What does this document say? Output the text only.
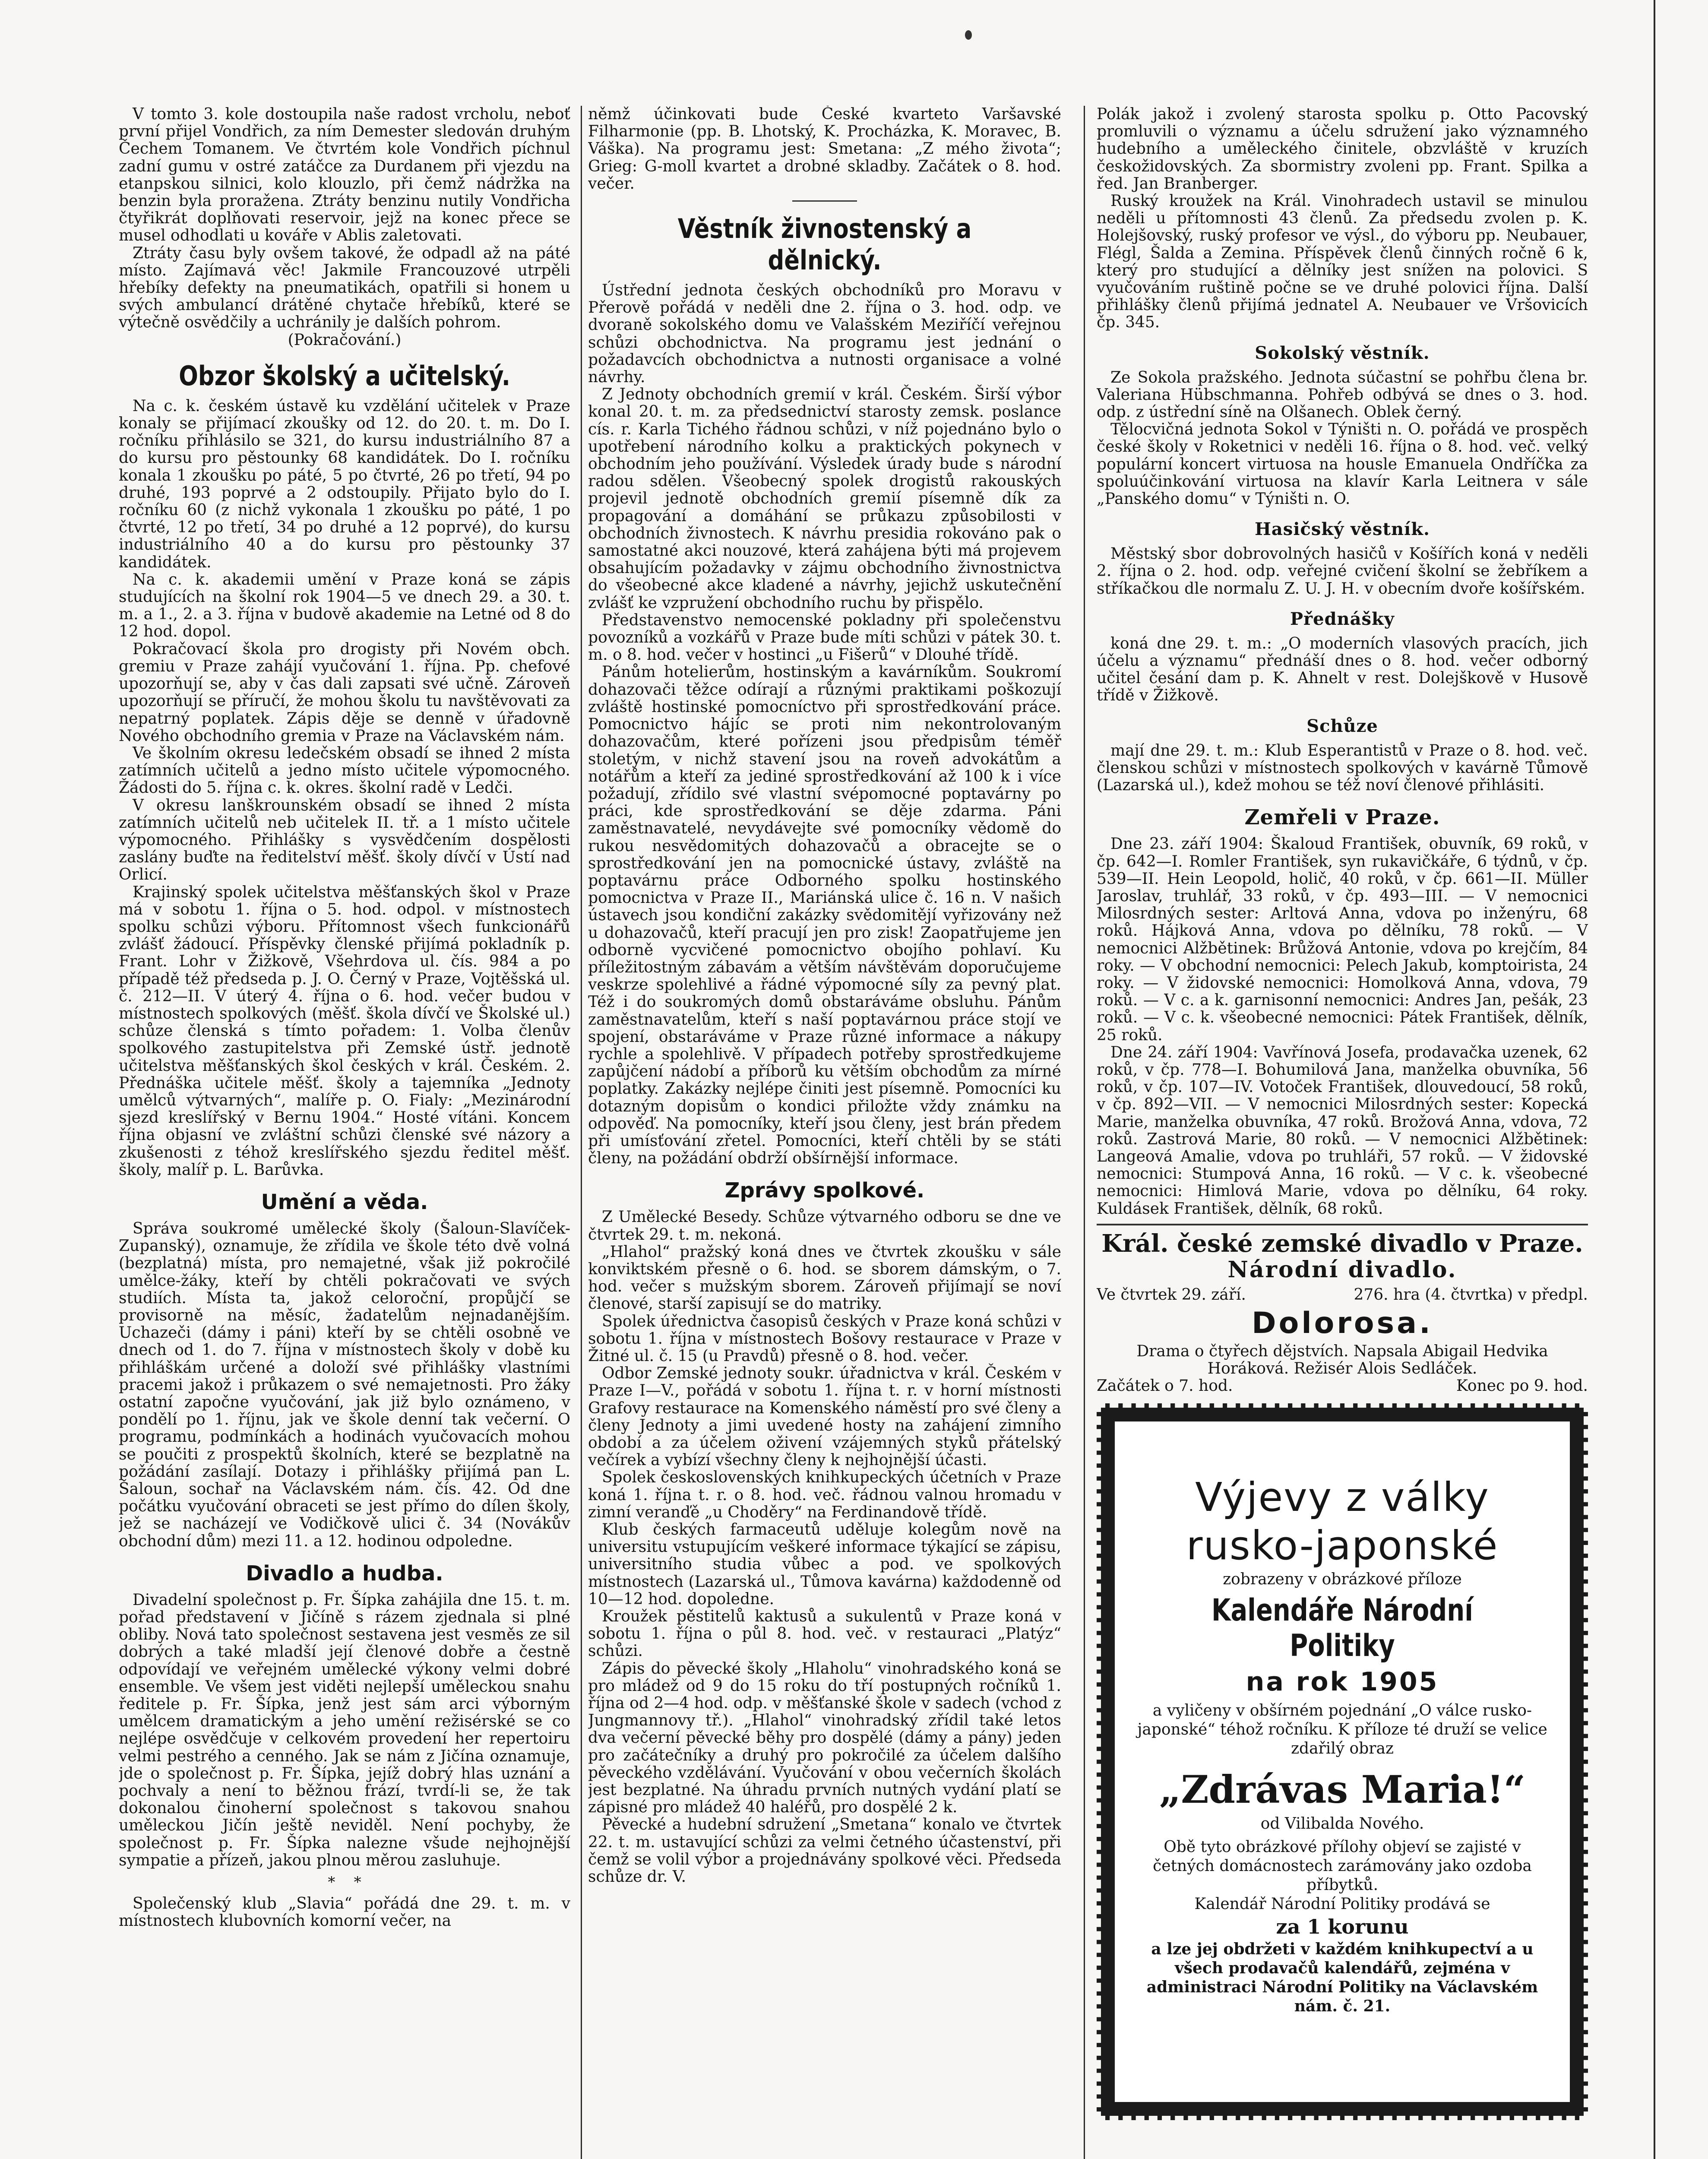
V tomto 3. kole dostoupila naše radost vrcholu, neboť první přijel Vondřich, za ním Demester sledován druhým Čechem Tomanem. Ve čtvrtém kole Vondřich píchnul zadní gumu v ostré zatáčce za Durdanem při vjezdu na etanpskou silnici, kolo klouzlo, při čemž nádržka na benzin byla proražena. Ztráty benzinu nutily Vondřicha čtyřikrát doplňovati reservoir, jejž na konec přece se musel odhodlati u kováře v Ablis zaletovati.

Ztráty času byly ovšem takové, že odpadl až na páté místo. Zajímavá věc! Jakmile Francouzové utrpěli hřebíky defekty na pneumatikách, opatřili si honem u svých ambulancí drátěné chytače hřebíků, které se výtečně osvědčily a uchránily je dalších pohrom.

(Pokračování.)

Obzor školský a učitelský.

Na c. k. českém ústavě ku vzdělání učitelek v Praze konaly se přijímací zkoušky od 12. do 20. t. m. Do I. ročníku přihlásilo se 321, do kursu industriálního 87 a do kursu pro pěstounky 68 kandidátek. Do I. ročníku konala 1 zkoušku po páté, 5 po čtvrté, 26 po třetí, 94 po druhé, 193 poprvé a 2 odstoupily. Přijato bylo do I. ročníku 60 (z nichž vykonala 1 zkoušku po páté, 1 po čtvrté, 12 po třetí, 34 po druhé a 12 poprvé), do kursu industriálního 40 a do kursu pro pěstounky 37 kandidátek.

Na c. k. akademii umění v Praze koná se zápis studujících na školní rok 1904—5 ve dnech 29. a 30. t. m. a 1., 2. a 3. října v budově akademie na Letné od 8 do 12 hod. dopol.

Pokračovací škola pro drogisty při Novém obch. gremiu v Praze zahájí vyučování 1. října. Pp. chefové upozorňují se, aby v čas dali zapsati své učně. Zároveň upozorňují se příručí, že mohou školu tu navštěvovati za nepatrný poplatek. Zápis děje se denně v úřadovně Nového obchodního gremia v Praze na Václavském nám.

Ve školním okresu ledečském obsadí se ihned 2 místa zatímních učitelů a jedno místo učitele výpomocného. Žádosti do 5. října c. k. okres. školní radě v Ledči.

V okresu lanškrounském obsadí se ihned 2 místa zatímních učitelů neb učitelek II. tř. a 1 místo učitele výpomocného. Přihlášky s vysvědčením dospělosti zaslány buďte na ředitelství měšť. školy dívčí v Ústí nad Orlicí.

Krajinský spolek učitelstva měšťanských škol v Praze má v sobotu 1. října o 5. hod. odpol. v místnostech spolku schůzi výboru. Přítomnost všech funkcionářů zvlášť žádoucí. Příspěvky členské přijímá pokladník p. Frant. Lohr v Žižkově, Všehrdova ul. čís. 984 a po případě též předseda p. J. O. Černý v Praze, Vojtěšská ul. č. 212—II. V úterý 4. října o 6. hod. večer budou v místnostech spolkových (měšť. škola dívčí ve Školské ul.) schůze členská s tímto pořadem: 1. Volba členův spolkového zastupitelstva při Zemské ústř. jednotě učitelstva měšťanských škol českých v král. Českém. 2. Přednáška učitele měšť. školy a tajemníka „Jednoty umělců výtvarných“, malíře p. O. Fialy: „Mezinárodní sjezd kreslířský v Bernu 1904.“ Hosté vítáni. Koncem října objasní ve zvláštní schůzi členské své názory a zkušenosti z téhož kreslířského sjezdu ředitel měšť. školy, malíř p. L. Barůvka.

Umění a věda.

Správa soukromé umělecké školy (Šaloun-Slavíček-Zupanský), oznamuje, že zřídila ve škole této dvě volná (bezplatná) místa, pro nemajetné, však již pokročilé umělce-žáky, kteří by chtěli pokračovati ve svých studiích. Místa ta, jakož celoroční, propůjčí se provisorně na měsíc, žadatelům nejnadanějším. Uchazeči (dámy i páni) kteří by se chtěli osobně ve dnech od 1. do 7. října v místnostech školy v době ku přihláškám určené a doloží své přihlášky vlastními pracemi jakož i průkazem o své nemajetnosti. Pro žáky ostatní započne vyučování, jak již bylo oznámeno, v pondělí po 1. říjnu, jak ve škole denní tak večerní. O programu, podmínkách a hodinách vyučovacích mohou se poučiti z prospektů školních, které se bezplatně na požádání zasílají. Dotazy i přihlášky přijímá pan L. Šaloun, sochař na Václavském nám. čís. 42. Od dne počátku vyučování obraceti se jest přímo do dílen školy, jež se nacházejí ve Vodičkově ulici č. 34 (Novákův obchodní dům) mezi 11. a 12. hodinou odpoledne.

Divadlo a hudba.

Divadelní společnost p. Fr. Šípka zahájila dne 15. t. m. pořad představení v Jičíně s rázem zjednala si plné obliby. Nová tato společnost sestavena jest vesměs ze sil dobrých a také mladší její členové dobře a čestně odpovídají ve veřejném umělecké výkony velmi dobré ensemble. Ve všem jest viděti nejlepší uměleckou snahu ředitele p. Fr. Šípka, jenž jest sám arci výborným umělcem dramatickým a jeho umění režisérské se co nejlépe osvědčuje v celkovém provedení her repertoiru velmi pestrého a cenného. Jak se nám z Jičína oznamuje, jde o společnost p. Fr. Šípka, jejíž dobrý hlas uznání a pochvaly a není to běžnou frází, tvrdí-li se, že tak dokonalou činoherní společnost s takovou snahou uměleckou Jičín ještě neviděl. Není pochyby, že společnost p. Fr. Šípka nalezne všude nejhojnější sympatie a přízeň, jakou plnou měrou zasluhuje.

*    *

Společenský klub „Slavia“ pořádá dne 29. t. m. v místnostech klubovních komorní večer, na

němž účinkovati bude České kvarteto Varšavské Filharmonie (pp. B. Lhotský, K. Procházka, K. Moravec, B. Váška). Na programu jest: Smetana: „Z mého života“; Grieg: G-moll kvartet a drobné skladby. Začátek o 8. hod. večer.

Věstník živnostenský a dělnický.

Ústřední jednota českých obchodníků pro Moravu v Přerově pořádá v neděli dne 2. října o 3. hod. odp. ve dvoraně sokolského domu ve Valašském Meziříčí veřejnou schůzi obchodnictva. Na programu jest jednání o požadavcích obchodnictva a nutnosti organisace a volné návrhy.

Z Jednoty obchodních gremií v král. Českém. Širší výbor konal 20. t. m. za předsednictví starosty zemsk. poslance cís. r. Karla Tichého řádnou schůzi, v níž pojednáno bylo o upotřebení národního kolku a praktických pokynech v obchodním jeho používání. Výsledek úrady bude s národní radou sdělen. Všeobecný spolek drogistů rakouských projevil jednotě obchodních gremií písemně dík za propagování a domáhání se průkazu způsobilosti v obchodních živnostech. K návrhu presidia rokováno pak o samostatné akci nouzové, která zahájena býti má projevem obsahujícím požadavky v zájmu obchodního živnostnictva do všeobecné akce kladené a návrhy, jejichž uskutečnění zvlášť ke vzpružení obchodního ruchu by přispělo.

Představenstvo nemocenské pokladny při společenstvu povozníků a vozkářů v Praze bude míti schůzi v pátek 30. t. m. o 8. hod. večer v hostinci „u Fišerů“ v Dlouhé třídě.

Pánům hotelierům, hostinským a kavárníkům. Soukromí dohazovači těžce odírají a různými praktikami poškozují zvláště hostinské pomocníctvo při sprostředkování práce. Pomocnictvo hájíc se proti nim nekontrolovaným dohazovačům, které pořízeni jsou předpisům téměř stoletým, v nichž stavení jsou na roveň advokátům a notářům a kteří za jediné sprostředkování až 100 k i více požadují, zřídilo své vlastní svépomocné poptavárny po práci, kde sprostředkování se děje zdarma. Páni zaměstnavatelé, nevydávejte své pomocníky vědomě do rukou nesvědomitých dohazovačů a obracejte se o sprostředkování jen na pomocnické ústavy, zvláště na poptavárnu práce Odborného spolku hostinského pomocnictva v Praze II., Mariánská ulice č. 16 n. V našich ústavech jsou kondiční zakázky svědomitějí vyřizovány než u dohazovačů, kteří pracují jen pro zisk! Zaopatřujeme jen odborně vycvičené pomocnictvo obojího pohlaví. Ku příležitostným zábavám a větším návštěvám doporučujeme veskrze spolehlivé a řádné výpomocné síly za pevný plat. Též i do soukromých domů obstaráváme obsluhu. Pánům zaměstnavatelům, kteří s naší poptavárnou práce stojí ve spojení, obstaráváme v Praze různé informace a nákupy rychle a spolehlivě. V případech potřeby sprostředkujeme zapůjčení nádobí a příborů ku větším obchodům za mírné poplatky. Zakázky nejlépe činiti jest písemně. Pomocníci ku dotazným dopisům o kondici přiložte vždy známku na odpověď. Na pomocníky, kteří jsou členy, jest brán předem při umísťování zřetel. Pomocníci, kteří chtěli by se státi členy, na požádání obdrží obšírnější informace.

Zprávy spolkové.

Z Umělecké Besedy. Schůze výtvarného odboru se dne ve čtvrtek 29. t. m. nekoná.

„Hlahol“ pražský koná dnes ve čtvrtek zkoušku v sále konviktském přesně o 6. hod. se sborem dámským, o 7. hod. večer s mužským sborem. Zároveň přijímají se noví členové, starší zapisují se do matriky.

Spolek úřednictva časopisů českých v Praze koná schůzi v sobotu 1. října v místnostech Bošovy restaurace v Praze v Žitné ul. č. 15 (u Pravdů) přesně o 8. hod. večer.

Odbor Zemské jednoty soukr. úřadnictva v král. Českém v Praze I—V., pořádá v sobotu 1. října t. r. v horní místnosti Grafovy restaurace na Komenského náměstí pro své členy a členy Jednoty a jimi uvedené hosty na zahájení zimního období a za účelem oživení vzájemných styků přátelský večírek a vybízí všechny členy k nejhojnější účasti.

Spolek československých knihkupeckých účetních v Praze koná 1. října t. r. o 8. hod. več. řádnou valnou hromadu v zimní veranďě „u Choděry“ na Ferdinandově třídě.

Klub českých farmaceutů uděluje kolegům nově na universitu vstupujícím veškeré informace týkající se zápisu, universitního studia vůbec a pod. ve spolkových místnostech (Lazarská ul., Tůmova kavárna) každodenně od 10—12 hod. dopoledne.

Kroužek pěstitelů kaktusů a sukulentů v Praze koná v sobotu 1. října o půl 8. hod. več. v restauraci „Platýz“ schůzi.

Zápis do pěvecké školy „Hlaholu“ vinohradského koná se pro mládež od 9 do 15 roku do tří postupných ročníků 1. října od 2—4 hod. odp. v měšťanské škole v sadech (vchod z Jungmannovy tř.). „Hlahol“ vinohradský zřídil také letos dva večerní pěvecké běhy pro dospělé (dámy a pány) jeden pro začátečníky a druhý pro pokročilé za účelem dalšího pěveckého vzdělávání. Vyučování v obou večerních školách jest bezplatné. Na úhradu prvních nutných vydání platí se zápisné pro mládež 40 haléřů, pro dospělé 2 k.

Pěvecké a hudební sdružení „Smetana“ konalo ve čtvrtek 22. t. m. ustavující schůzi za velmi četného účastenství, při čemž se volil výbor a projednávány spolkové věci. Předseda schůze dr. V.

Polák jakož i zvolený starosta spolku p. Otto Pacovský promluvili o významu a účelu sdružení jako významného hudebního a uměleckého činitele, obzvláště v kruzích českožidovských. Za sbormistry zvoleni pp. Frant. Spilka a řed. Jan Branberger.

Ruský kroužek na Král. Vinohradech ustavil se minulou neděli u přítomnosti 43 členů. Za předsedu zvolen p. K. Holejšovský, ruský profesor ve výsl., do výboru pp. Neubauer, Flégl, Šalda a Zemina. Příspěvek členů činných ročně 6 k, který pro studující a dělníky jest snížen na polovici. S vyučováním ruštině počne se ve druhé polovici října. Další přihlášky členů přijímá jednatel A. Neubauer ve Vršovicích čp. 345.

Sokolský věstník.

Ze Sokola pražského. Jednota súčastní se pohřbu člena br. Valeriana Hübschmanna. Pohřeb odbývá se dnes o 3. hod. odp. z ústřední síně na Olšanech. Oblek černý.

Tělocvičná jednota Sokol v Týništi n. O. pořádá ve prospěch české školy v Roketnici v neděli 16. října o 8. hod. več. velký populární koncert virtuosa na housle Emanuela Ondříčka za spoluúčinkování virtuosa na klavír Karla Leitnera v sále „Panského domu“ v Týništi n. O.

Hasičský věstník.

Městský sbor dobrovolných hasičů v Košířích koná v neděli 2. října o 2. hod. odp. veřejné cvičení školní se žebříkem a stříkačkou dle normalu Z. U. J. H. v obecním dvoře košířském.

Přednášky

koná dne 29. t. m.: „O moderních vlasových pracích, jich účelu a významu“ přednáší dnes o 8. hod. večer odborný učitel česání dam p. K. Ahnelt v rest. Dolejškově v Husově třídě v Žižkově.

Schůze

mají dne 29. t. m.: Klub Esperantistů v Praze o 8. hod. več. členskou schůzi v místnostech spolkových v kavárně Tůmově (Lazarská ul.), kdež mohou se též noví členové přihlásiti.

Zemřeli v Praze.

Dne 23. září 1904: Škaloud František, obuvník, 69 roků, v čp. 642—I. Romler František, syn rukavičkáře, 6 týdnů, v čp. 539—II. Hein Leopold, holič, 40 roků, v čp. 661—II. Müller Jaroslav, truhlář, 33 roků, v čp. 493—III. — V nemocnici Milosrdných sester: Arltová Anna, vdova po inženýru, 68 roků. Hájková Anna, vdova po dělníku, 78 roků. — V nemocnici Alžbětinek: Brůžová Antonie, vdova po krejčím, 84 roky. — V obchodní nemocnici: Pelech Jakub, komptoirista, 24 roky. — V židovské nemocnici: Homolková Anna, vdova, 79 roků. — V c. a k. garnisonní nemocnici: Andres Jan, pešák, 23 roků. — V c. k. všeobecné nemocnici: Pátek František, dělník, 25 roků.

Dne 24. září 1904: Vavřínová Josefa, prodavačka uzenek, 62 roků, v čp. 778—I. Bohumilová Jana, manželka obuvníka, 56 roků, v čp. 107—IV. Votoček František, dlouvedoucí, 58 roků, v čp. 892—VII. — V nemocnici Milosrdných sester: Kopecká Marie, manželka obuvníka, 47 roků. Brožová Anna, vdova, 72 roků. Zastrová Marie, 80 roků. — V nemocnici Alžbětinek: Langeová Amalie, vdova po truhláři, 57 roků. — V židovské nemocnici: Stumpová Anna, 16 roků. — V c. k. všeobecné nemocnici: Himlová Marie, vdova po dělníku, 64 roky. Kuldásek František, dělník, 68 roků.

Král. české zemské divadlo v Praze.
Národní divadlo.
Ve čtvrtek 29. září.	276. hra (4. čtvrtka) v předpl.
Dolorosa.

Drama o čtyřech dějstvích. Napsala Abigail Hedvika Horáková. Režisér Alois Sedláček.

Začátek o 7. hod.	Konec po 9. hod.
Výjevy z války
rusko-japonské

zobrazeny v obrázkové příloze

Kalendáře Národní Politiky
na rok 1905

a vyličeny v obšírném pojednání „O válce rusko-japonské“ téhož ročníku. K příloze té druží se velice zdařilý obraz

„Zdrávas Maria!“

od Vilibalda Nového.

Obě tyto obrázkové přílohy objeví se zajisté v četných domácnostech zarámovány jako ozdoba příbytků.

Kalendář Národní Politiky prodává se

za 1 korunu

a lze jej obdržeti v každém knihkupectví a u všech prodavačů kalendářů, zejména v administraci Národní Politiky na Václavském nám. č. 21.
